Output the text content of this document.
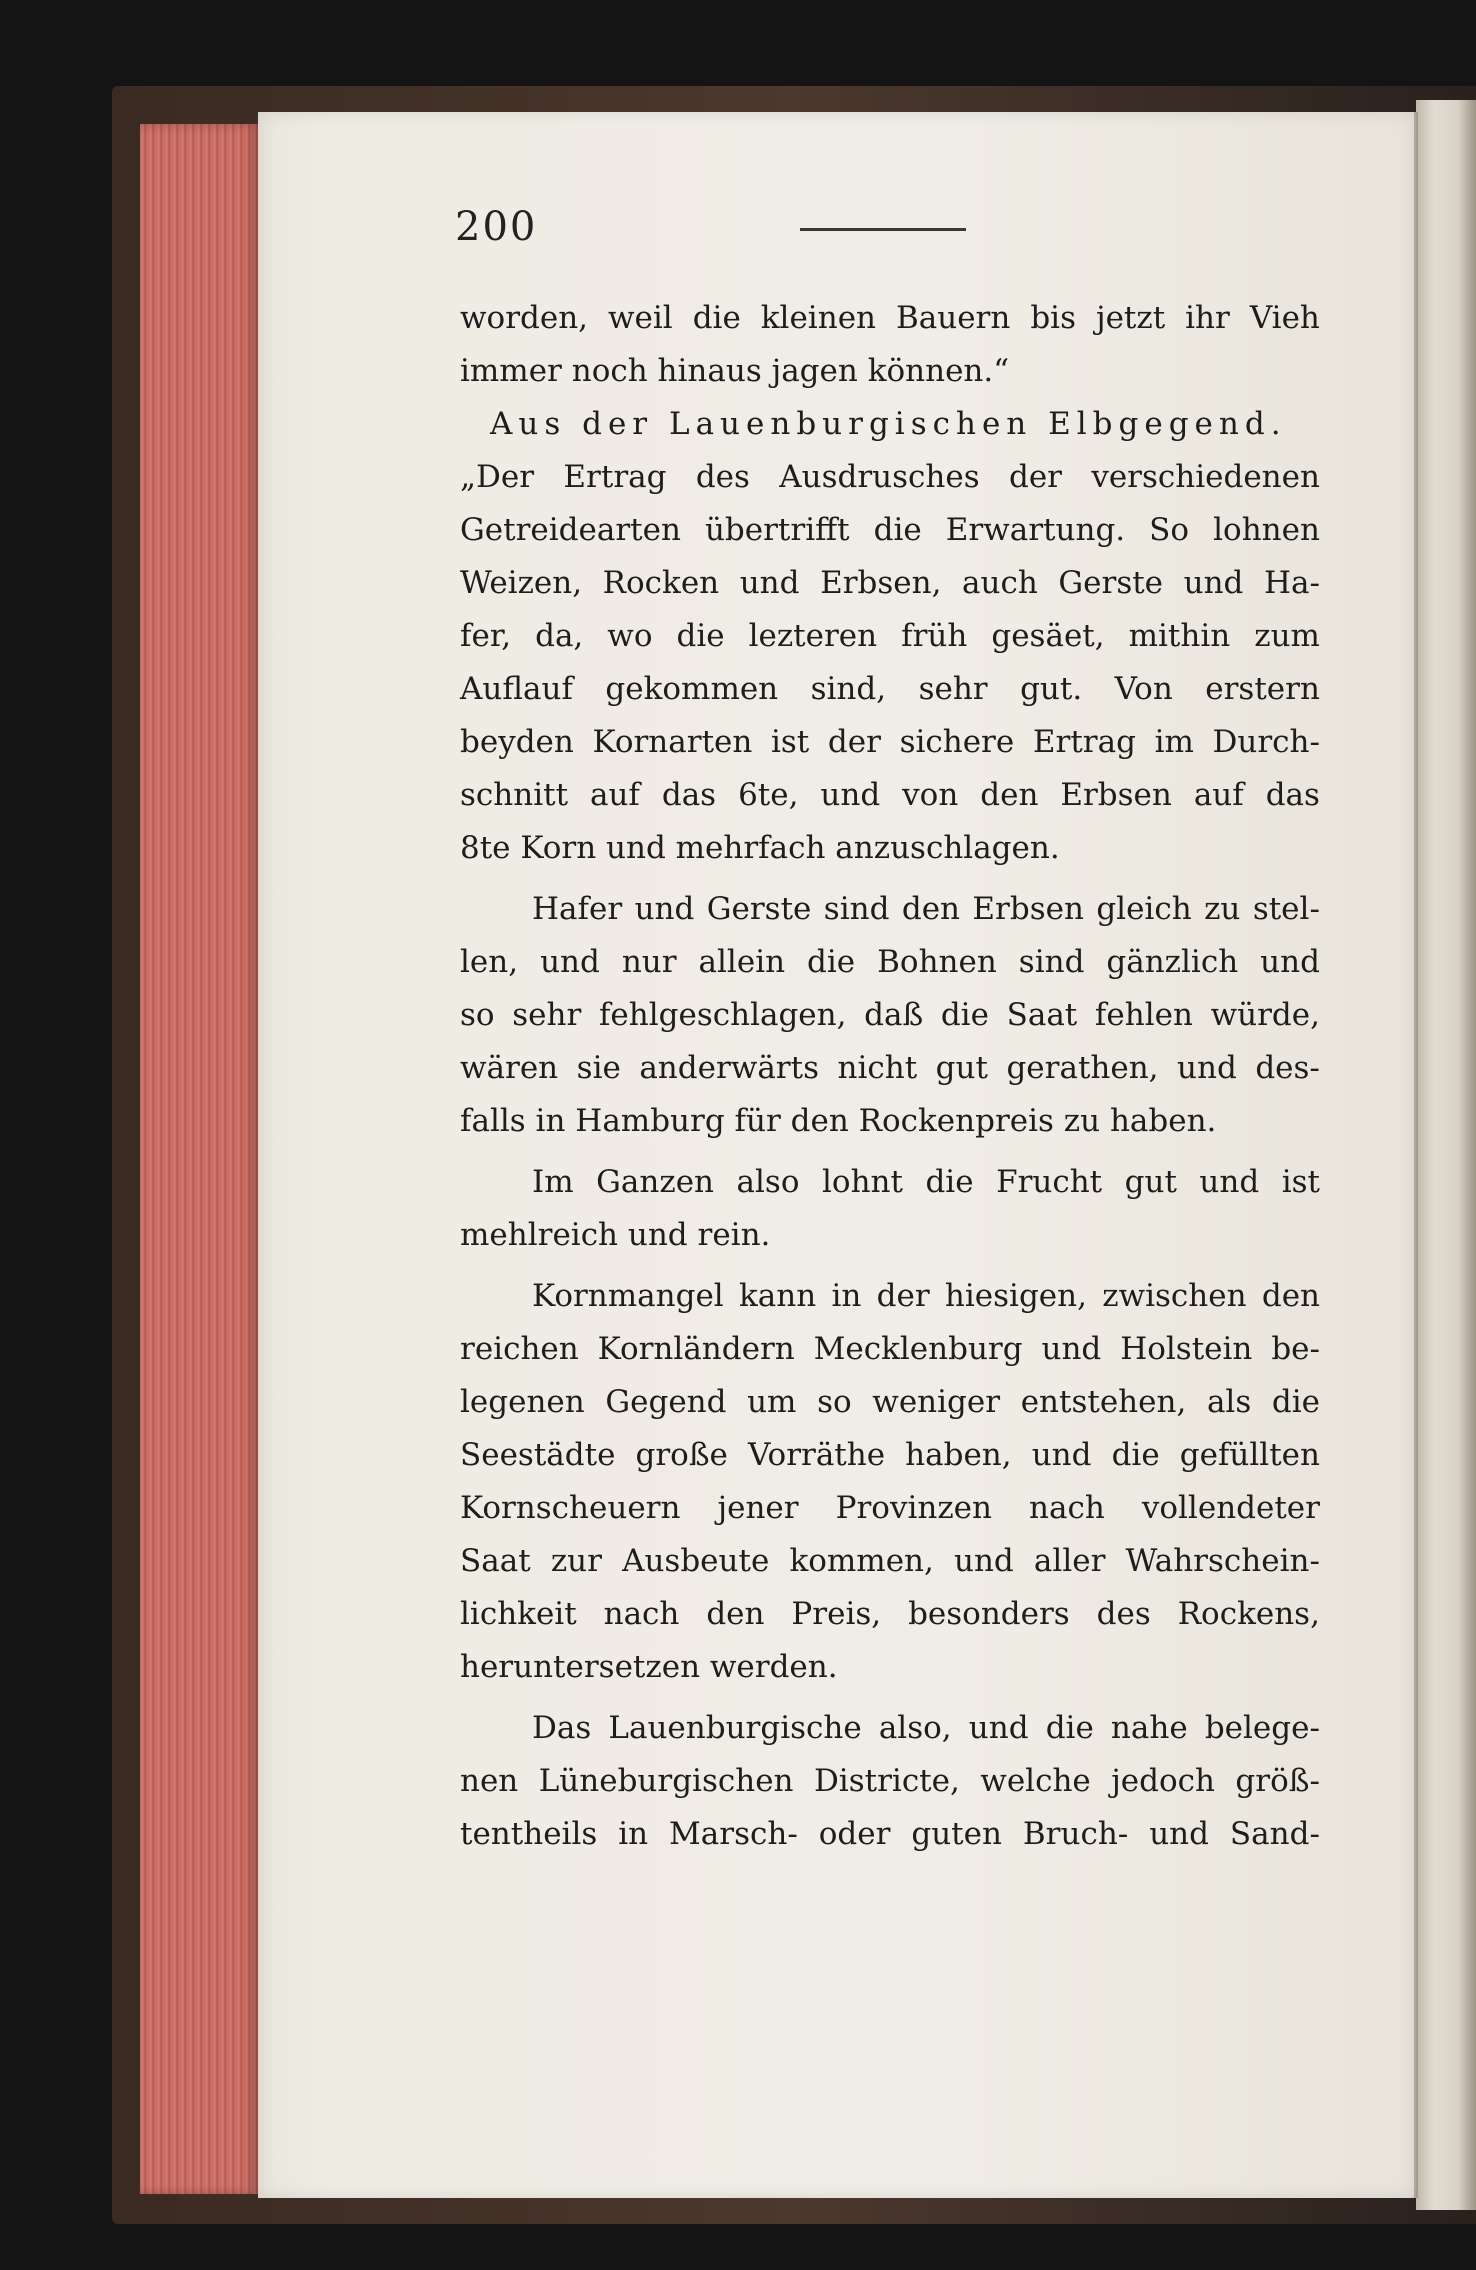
200
worden, weil die kleinen Bauern bis jetzt ihr Vieh
immer noch hinaus jagen können.“
Aus der Lauenburgischen Elbgegend.
„Der Ertrag des Ausdrusches der verschiedenen
Getreidearten übertrifft die Erwartung. So lohnen
Weizen, Rocken und Erbsen, auch Gerste und Ha-
fer, da, wo die lezteren früh gesäet, mithin zum
Auflauf gekommen sind, sehr gut. Von erstern
beyden Kornarten ist der sichere Ertrag im Durch-
schnitt auf das 6te, und von den Erbsen auf das
8te Korn und mehrfach anzuschlagen.
Hafer und Gerste sind den Erbsen gleich zu stel-
len, und nur allein die Bohnen sind gänzlich und
so sehr fehlgeschlagen, daß die Saat fehlen würde,
wären sie anderwärts nicht gut gerathen, und des-
falls in Hamburg für den Rockenpreis zu haben.
Im Ganzen also lohnt die Frucht gut und ist
mehlreich und rein.
Kornmangel kann in der hiesigen, zwischen den
reichen Kornländern Mecklenburg und Holstein be-
legenen Gegend um so weniger entstehen, als die
Seestädte große Vorräthe haben, und die gefüllten
Kornscheuern jener Provinzen nach vollendeter
Saat zur Ausbeute kommen, und aller Wahrschein-
lichkeit nach den Preis, besonders des Rockens,
heruntersetzen werden.
Das Lauenburgische also, und die nahe belege-
nen Lüneburgischen Districte, welche jedoch größ-
tentheils in Marsch- oder guten Bruch- und Sand-
